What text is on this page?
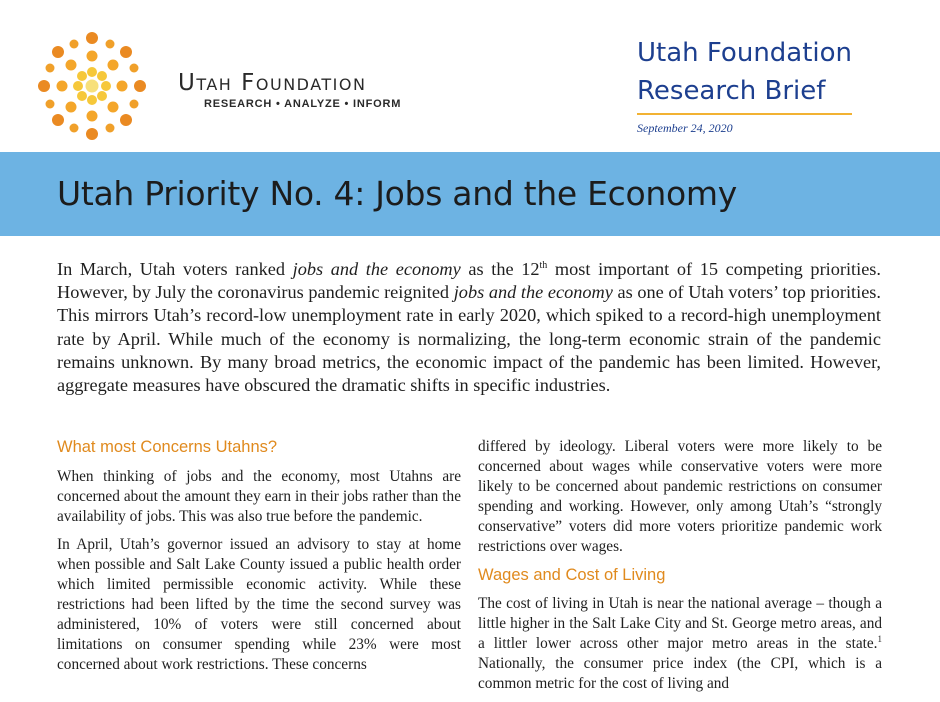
Utah Foundation
RESEARCH • ANALYZE • INFORM
Utah Foundation
Research Brief
September 24, 2020
Utah Priority No. 4: Jobs and the Economy

In March, Utah voters ranked jobs and the economy as the 12th most important of 15 competing priorities. However, by July the coronavirus pandemic reignited jobs and the economy as one of Utah voters’ top priorities. This mirrors Utah’s record-low unemployment rate in early 2020, which spiked to a record-high unemployment rate by April. While much of the economy is normalizing, the long-term economic strain of the pandemic remains unknown. By many broad metrics, the economic impact of the pandemic has been limited. However, aggregate measures have obscured the dramatic shifts in specific industries.

What most Concerns Utahns?

When thinking of jobs and the economy, most Utahns are concerned about the amount they earn in their jobs rather than the availability of jobs. This was also true before the pandemic.

In April, Utah’s governor issued an advisory to stay at home when possible and Salt Lake County issued a public health order which limited permissible economic activity. While these restrictions had been lifted by the time the second survey was administered, 10% of voters were still concerned about limitations on consumer spending while 23% were most concerned about work restrictions. These concerns

differed by ideology. Liberal voters were more likely to be concerned about wages while conservative voters were more likely to be concerned about pandemic restrictions on consumer spending and working. However, only among Utah’s “strongly conservative” voters did more voters prioritize pandemic work restrictions over wages.

Wages and Cost of Living

The cost of living in Utah is near the national average – though a little higher in the Salt Lake City and St. George metro areas, and a littler lower across other major metro areas in the state.$^1$ Nationally, the consumer price index (the CPI, which is a common metric for the cost of living and
